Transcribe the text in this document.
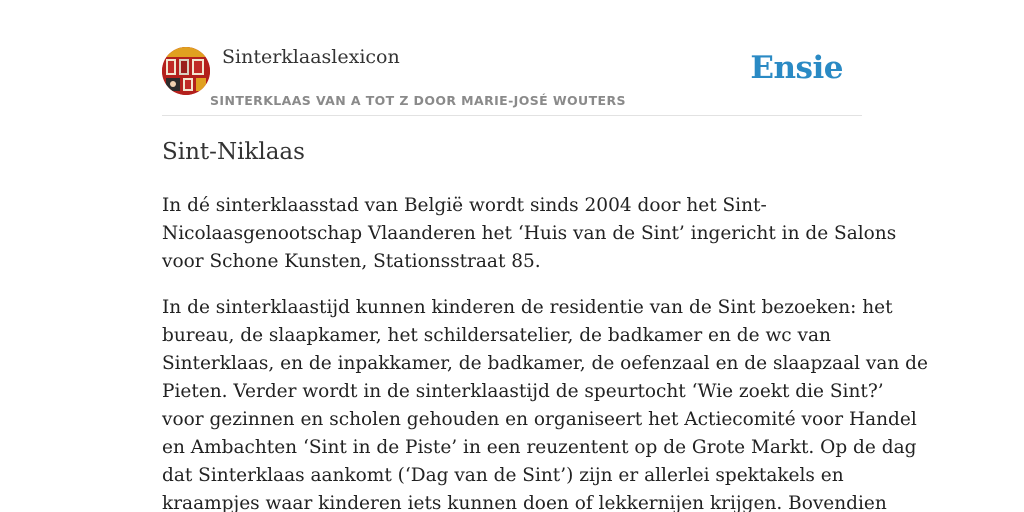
Sinterklaaslexicon
SINTERKLAAS VAN A TOT Z DOOR MARIE-JOSÉ WOUTERS
Ensie
Sint-Niklaas

In dé sinterklaasstad van België wordt sinds 2004 door het Sint-
Nicolaasgenootschap Vlaanderen het ‘Huis van de Sint’ ingericht in de Salons
voor Schone Kunsten, Stationsstraat 85.

In de sinterklaastijd kunnen kinderen de residentie van de Sint bezoeken: het
bureau, de slaapkamer, het schildersatelier, de badkamer en de wc van
Sinterklaas, en de inpakkamer, de badkamer, de oefenzaal en de slaapzaal van de
Pieten. Verder wordt in de sinterklaastijd de speurtocht ‘Wie zoekt die Sint?’
voor gezinnen en scholen gehouden en organiseert het Actiecomité voor Handel
en Ambachten ‘Sint in de Piste’ in een reuzentent op de Grote Markt. Op de dag
dat Sinterklaas aankomt (‘Dag van de Sint’) zijn er allerlei spektakels en
kraampjes waar kinderen iets kunnen doen of lekkernijen krijgen. Bovendien
